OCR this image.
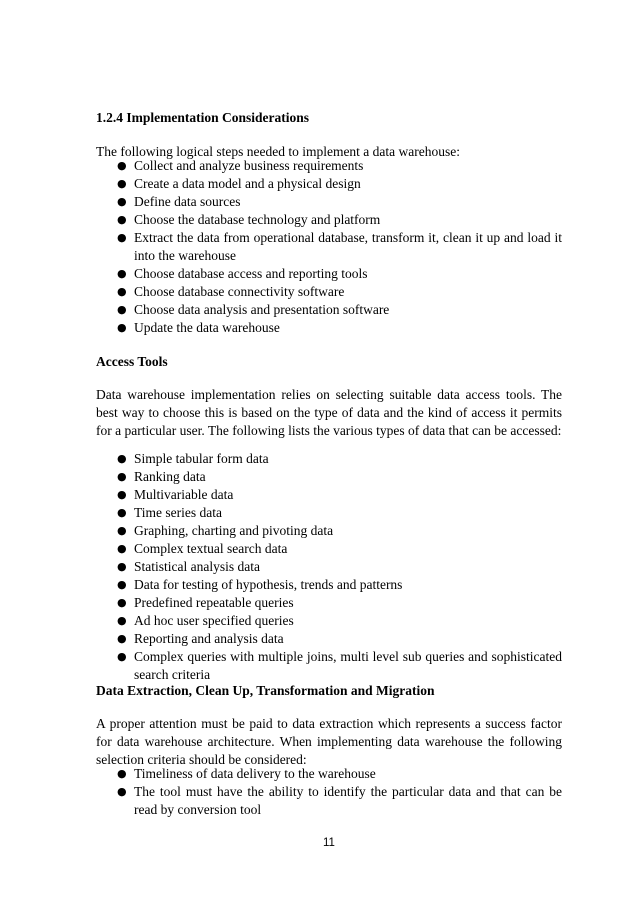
1.2.4 Implementation Considerations
The following logical steps needed to implement a data warehouse:
● Collect and analyze business requirements
● Create a data model and a physical design
● Define data sources
● Choose the database technology and platform
● Extract the data from operational database, transform it, clean it up and load it into the warehouse
● Choose database access and reporting tools
● Choose database connectivity software
● Choose data analysis and presentation software
● Update the data warehouse
Access Tools
Data warehouse implementation relies on selecting suitable data access tools. The best way to choose this is based on the type of data and the kind of access it permits for a particular user. The following lists the various types of data that can be accessed:
● Simple tabular form data
● Ranking data
● Multivariable data
● Time series data
● Graphing, charting and pivoting data
● Complex textual search data
● Statistical analysis data
● Data for testing of hypothesis, trends and patterns
● Predefined repeatable queries
● Ad hoc user specified queries
● Reporting and analysis data
● Complex queries with multiple joins, multi level sub queries and sophisticated search criteria
Data Extraction, Clean Up, Transformation and Migration
A proper attention must be paid to data extraction which represents a success factor for data warehouse architecture. When implementing data warehouse the following selection criteria should be considered:
● Timeliness of data delivery to the warehouse
● The tool must have the ability to identify the particular data and that can be read by conversion tool
11
